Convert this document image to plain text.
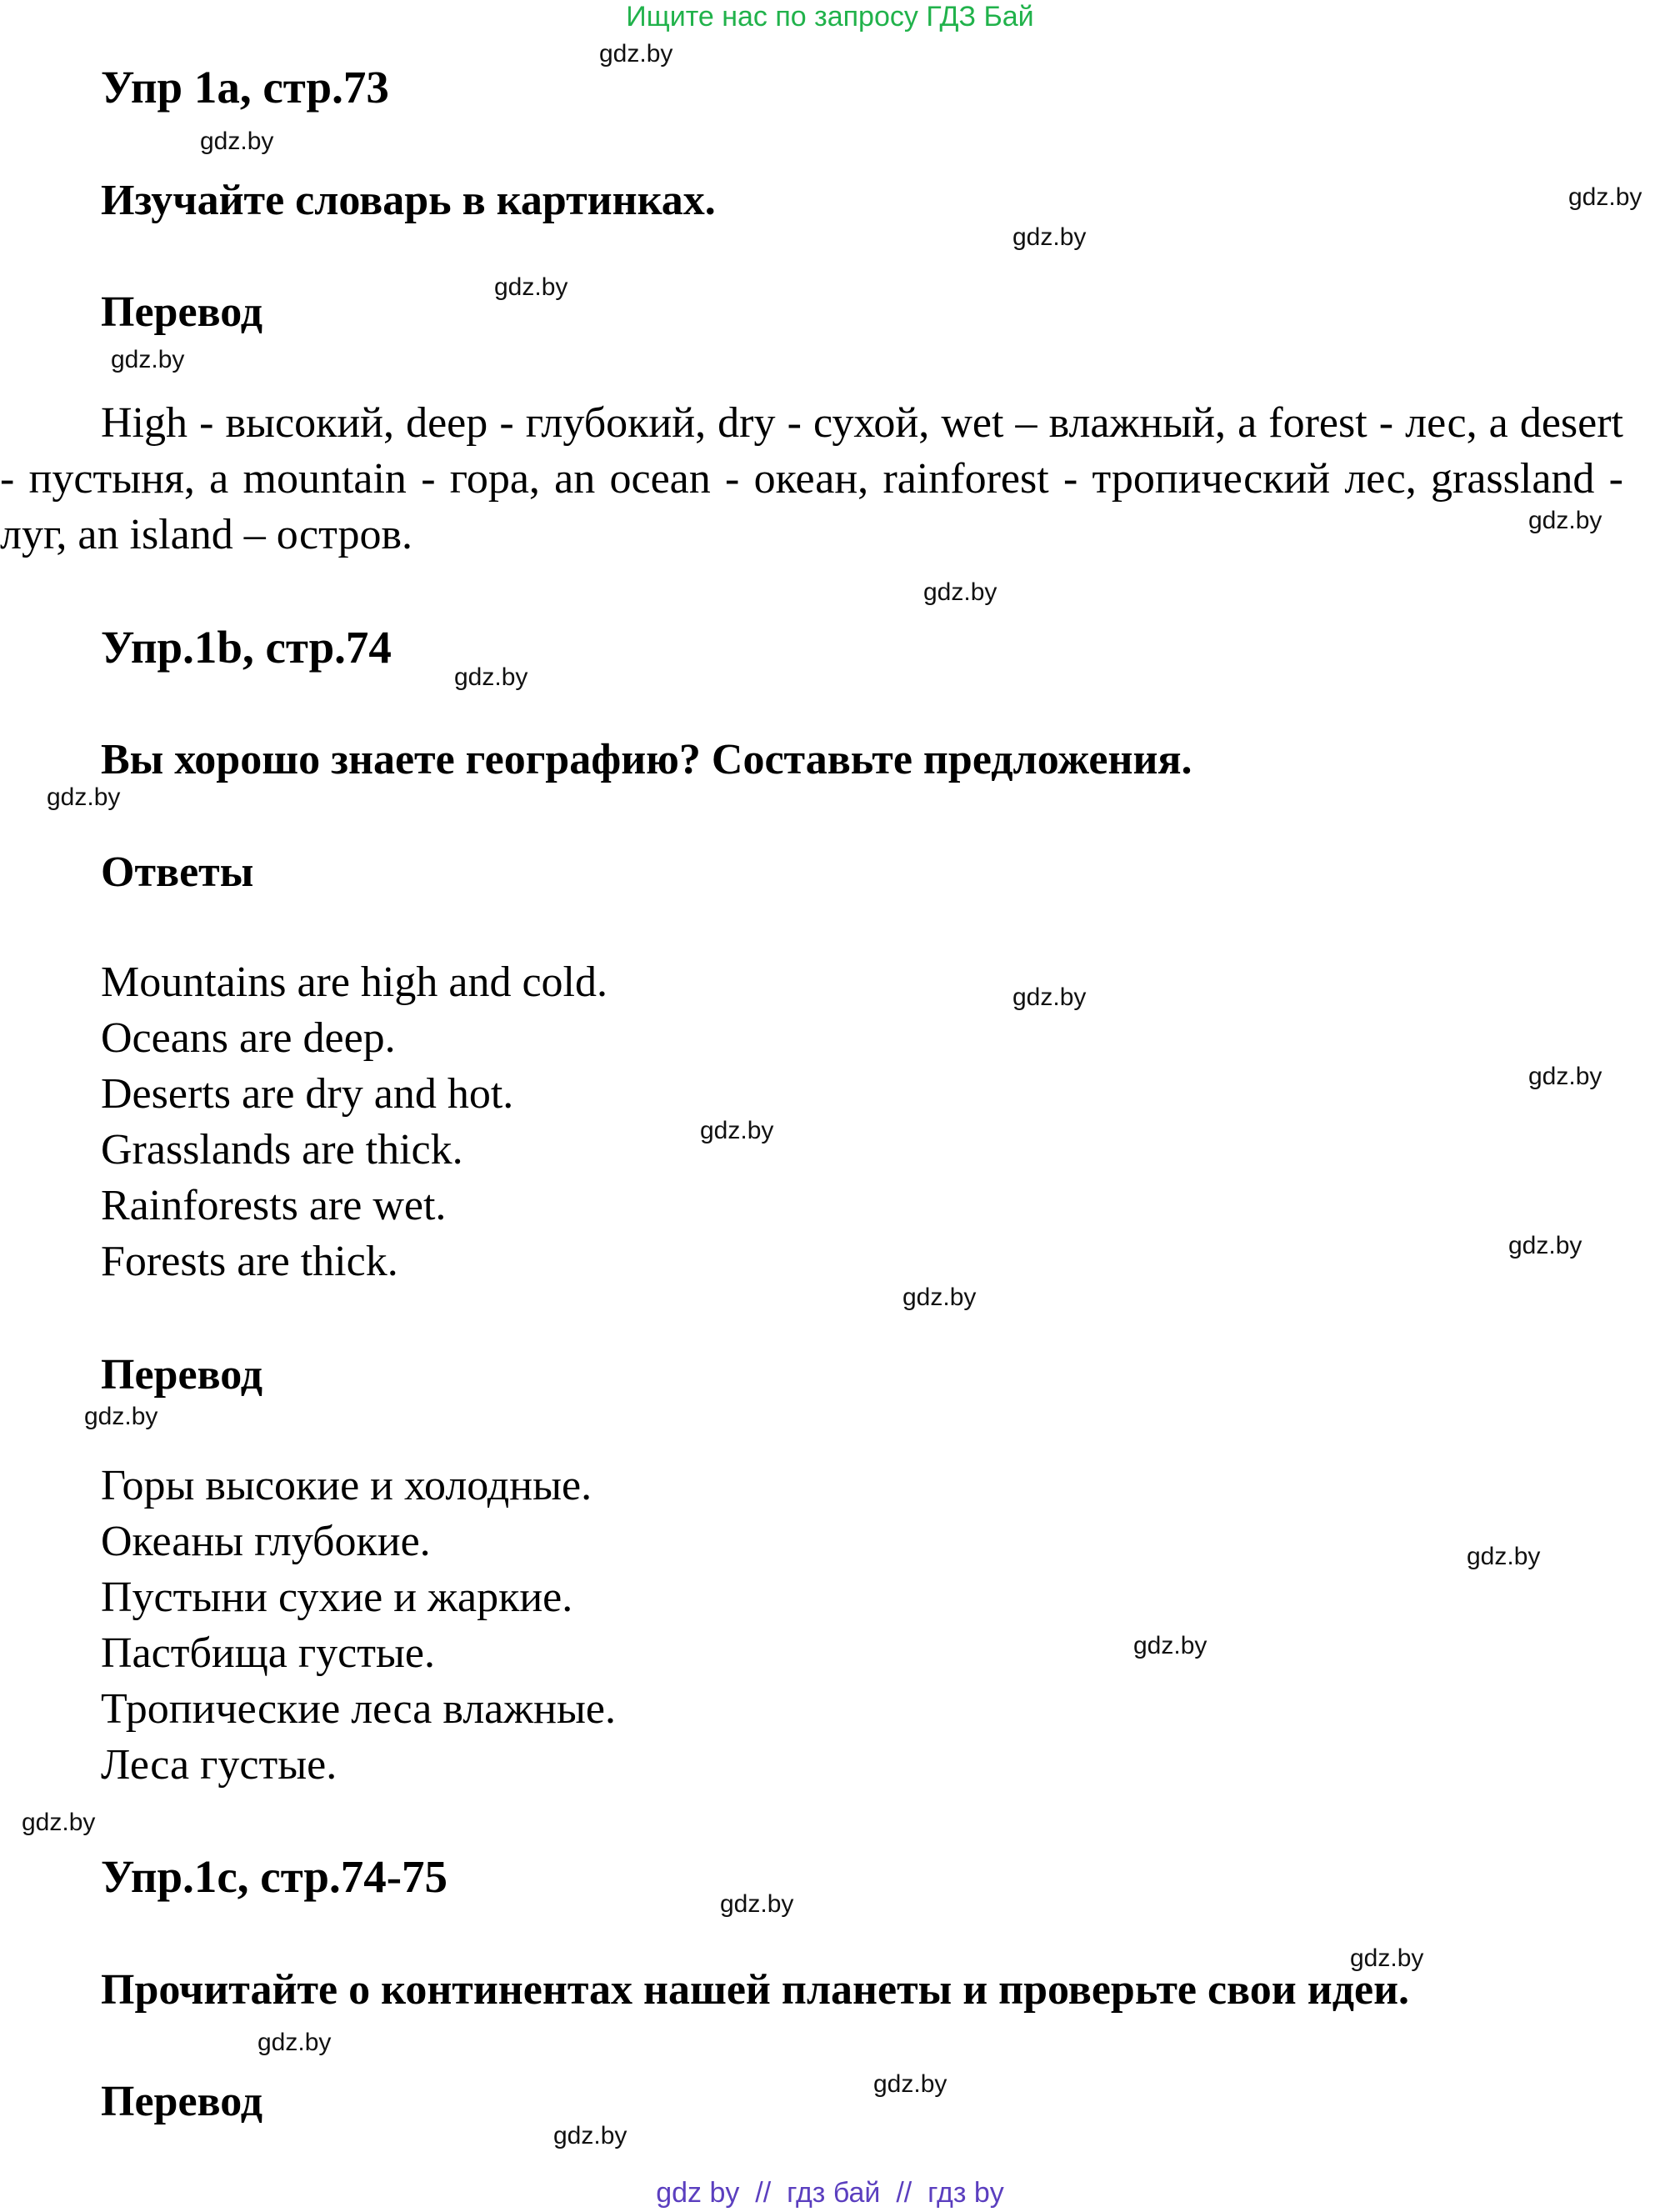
Ищите нас по запросу ГДЗ Бай
Упр 1a, стр.73
Изучайте словарь в картинках.
Перевод
High - высокий, deep - глубокий, dry - сухой, wet – влажный, a forest - лес, a desert - пустыня, a mountain - гора, an ocean - океан, rainforest - тропический лес, grassland - луг, an island – остров.
Упр.1b, стр.74
Вы хорошо знаете географию? Составьте предложения.
Ответы
Mountains are high and cold.
Oceans are deep.
Deserts are dry and hot.
Grasslands are thick.
Rainforests are wet.
Forests are thick.
Перевод
Горы высокие и холодные.
Океаны глубокие.
Пустыни сухие и жаркие.
Пастбища густые.
Тропические леса влажные.
Леса густые.
Упр.1c, стр.74-75
Прочитайте о континентах нашей планеты и проверьте свои идеи.
Перевод
gdz.by
gdz.by
gdz.by
gdz.by
gdz.by
gdz.by
gdz.by
gdz.by
gdz.by
gdz.by
gdz.by
gdz.by
gdz.by
gdz.by
gdz.by
gdz.by
gdz.by
gdz.by
gdz.by
gdz.by
gdz.by
gdz.by
gdz.by
gdz.by
gdz by  //  гдз бай  //  гдз by
